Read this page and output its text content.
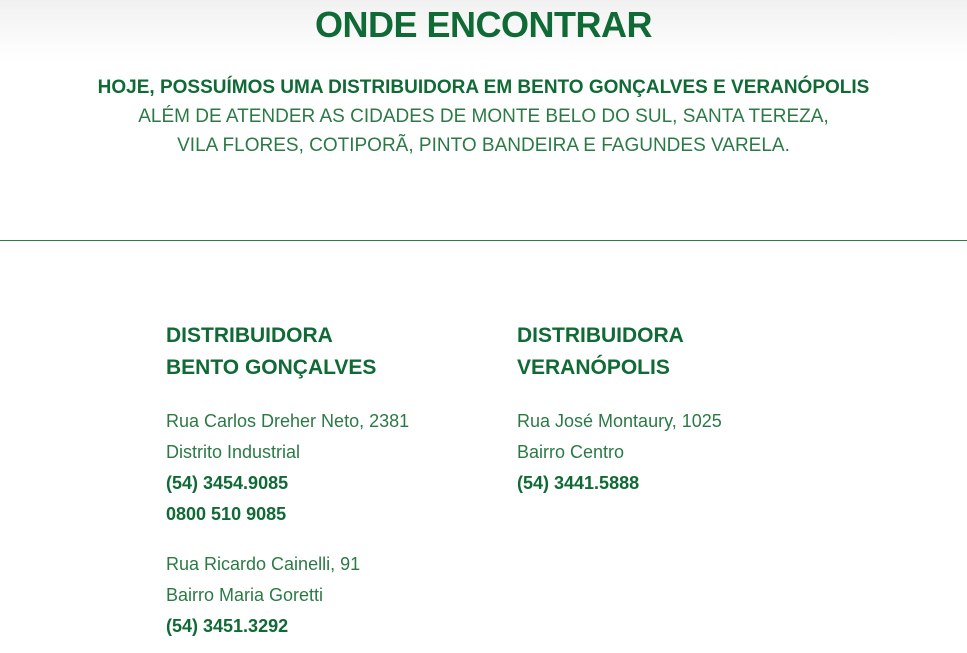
ONDE ENCONTRAR

HOJE, POSSUÍMOS UMA DISTRIBUIDORA EM BENTO GONÇALVES E VERANÓPOLIS
ALÉM DE ATENDER AS CIDADES DE MONTE BELO DO SUL, SANTA TEREZA,
VILA FLORES, COTIPORÃ, PINTO BANDEIRA E FAGUNDES VARELA.

DISTRIBUIDORA
BENTO GONÇALVES
Rua Carlos Dreher Neto, 2381
Distrito Industrial
(54) 3454.9085
0800 510 9085
Rua Ricardo Cainelli, 91
Bairro Maria Goretti
(54) 3451.3292
DISTRIBUIDORA
VERANÓPOLIS
Rua José Montaury, 1025
Bairro Centro
(54) 3441.5888
